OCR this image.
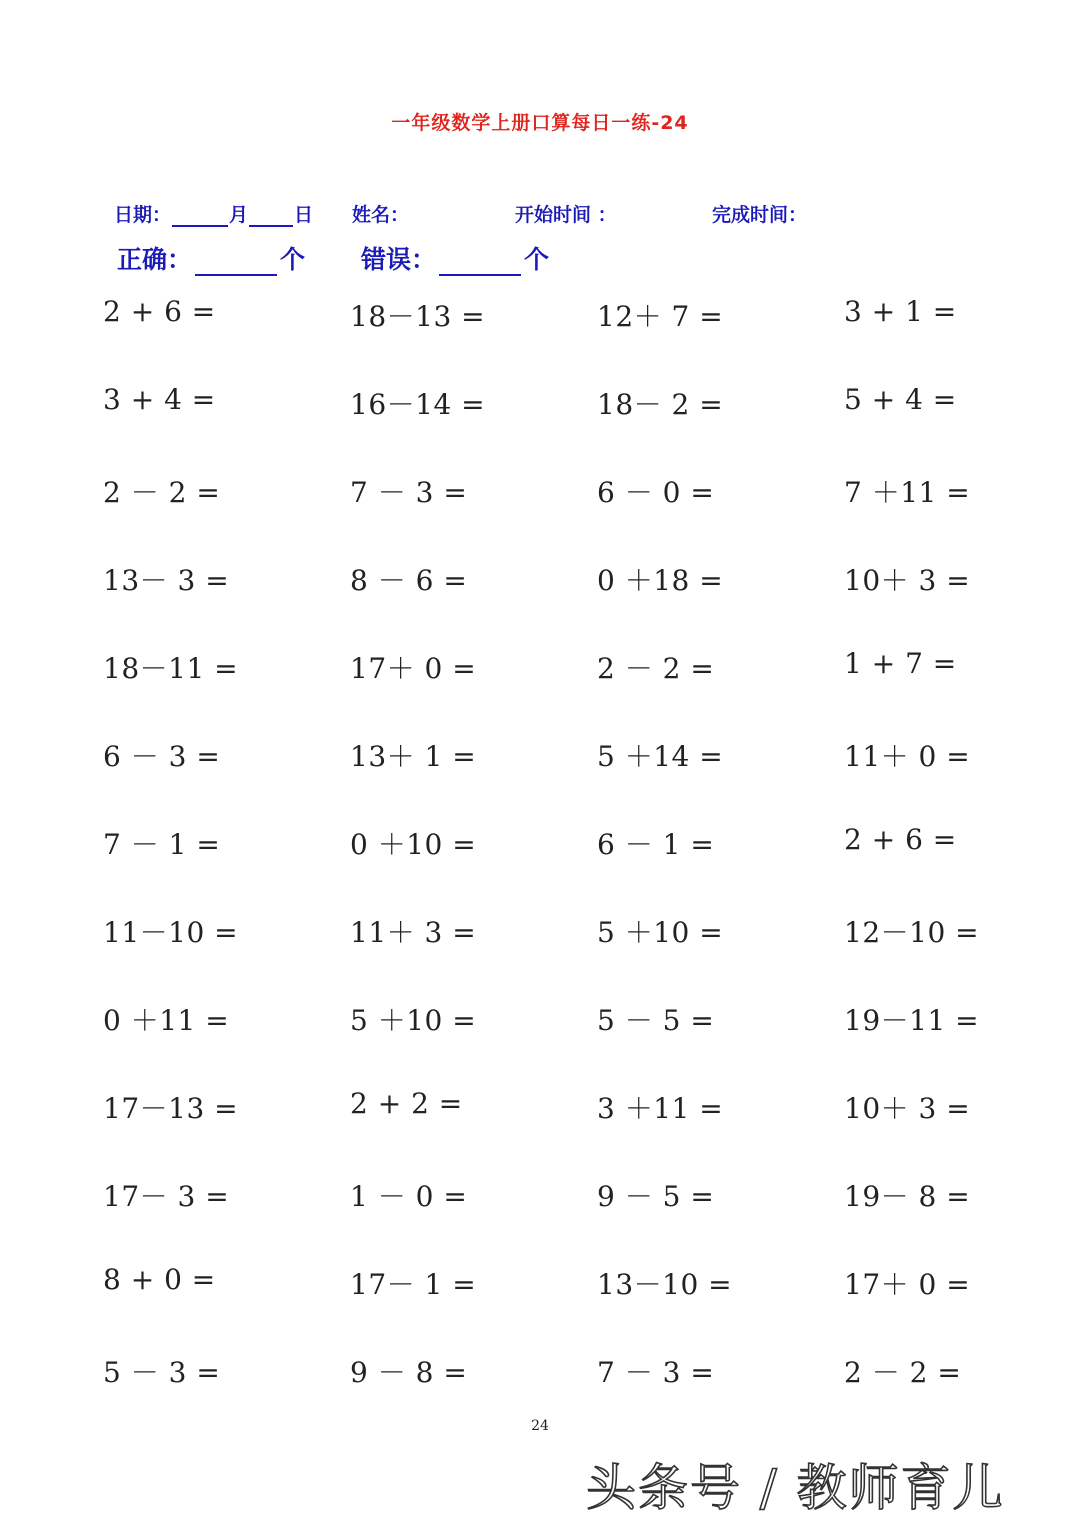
一年级数学上册口算每日一练-24
日期：	月 日 姓名：	开始时间 ：	完成时间：
正确：	个 错误：	个
2 + 6 =	18－13 =	12＋ 7 =	3 + 1 =
3 + 4 =	16－14 =	18－ 2 =	5 + 4 =
2 － 2 =	7 － 3 =	6 － 0 =	7 ＋11 =
13－ 3 =	8 － 6 =	0 ＋18 =	10＋ 3 =
18－11 =	17＋ 0 =	2 － 2 =	1 + 7 =
6 － 3 =	13＋ 1 =	5 ＋14 =	11＋ 0 =
7 － 1 =	0 ＋10 =	6 － 1 =	2 + 6 =
11－10 =	11＋ 3 =	5 ＋10 =	12－10 =
0 ＋11 =	5 ＋10 =	5 － 5 =	19－11 =
17－13 =	2 + 2 =	3 ＋11 =	10＋ 3 =
17－ 3 =	1 － 0 =	9 － 5 =	19－ 8 =
8 + 0 =	17－ 1 =	13－10 =	17＋ 0 =
5 － 3 =	9 － 8 =	7 － 3 =	2 － 2 =
24
头条号 / 教师育儿
